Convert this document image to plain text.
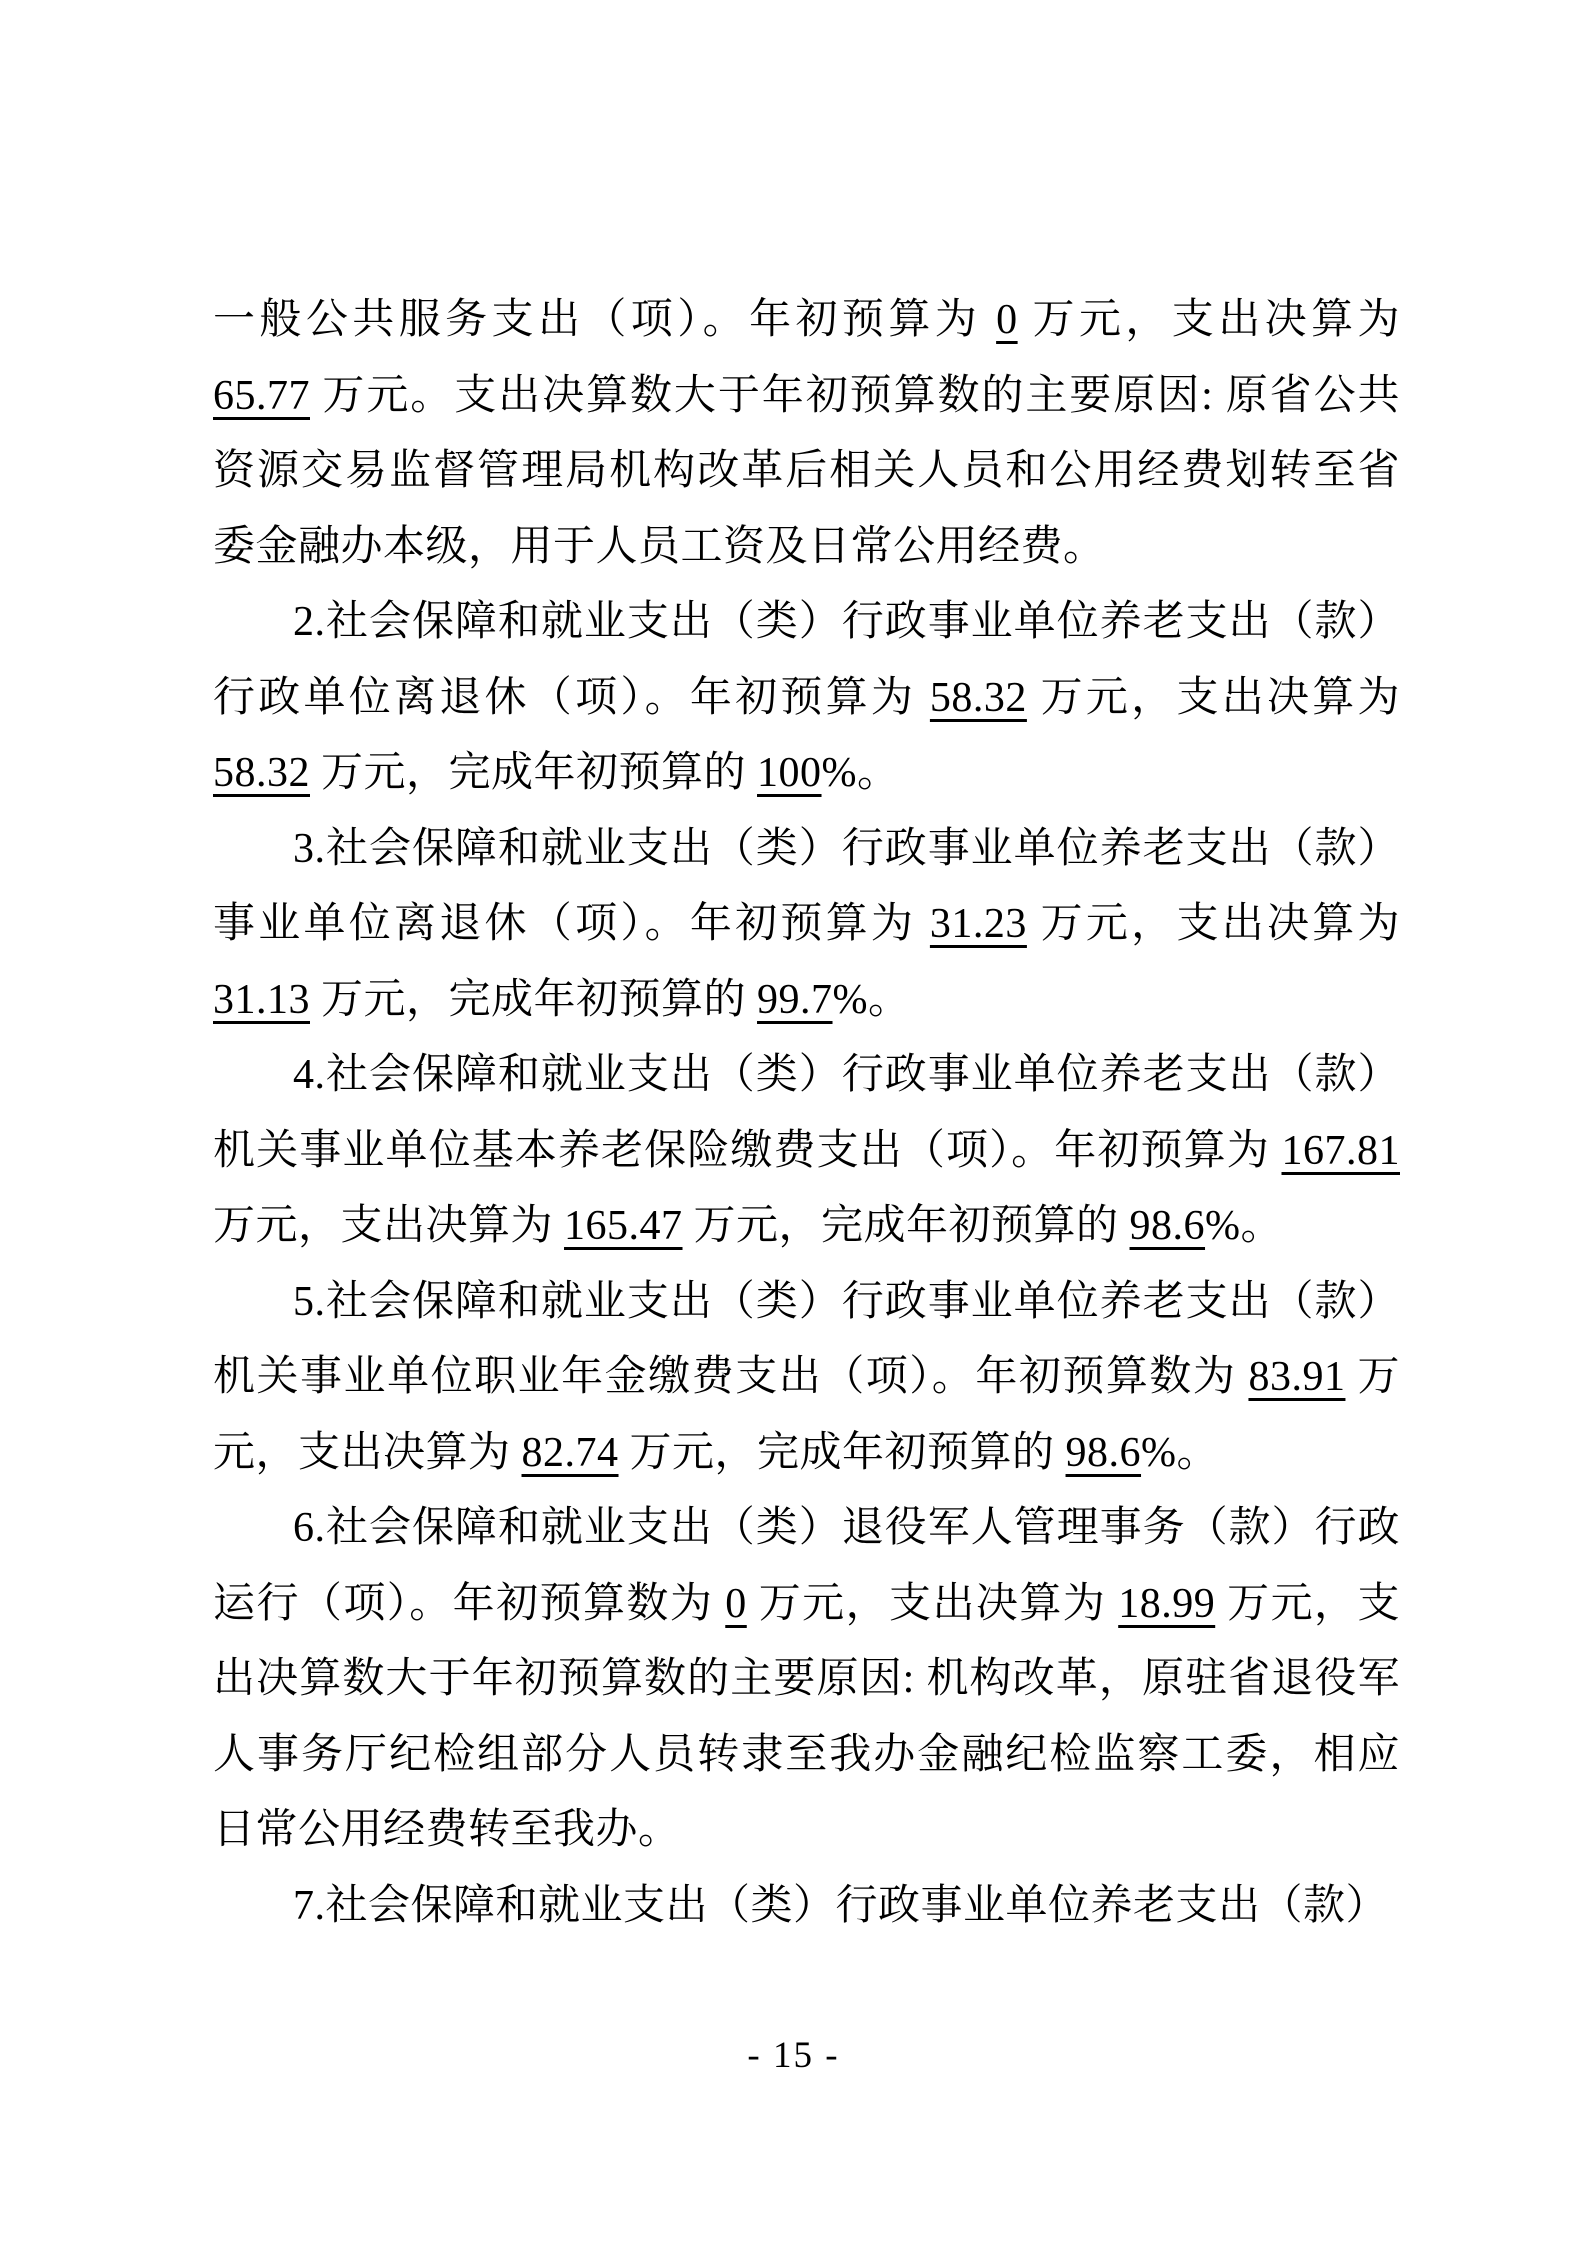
一般公共服务支出（项）。年初预算为 0 万元，支出决算为 65.77 万元。支出决算数大于年初预算数的主要原因: 原省公共资源交易监督管理局机构改革后相关人员和公用经费划转至省委金融办本级，用于人员工资及日常公用经费。

2.社会保障和就业支出（类）行政事业单位养老支出（款）行政单位离退休（项）。年初预算为 58.32 万元，支出决算为 58.32 万元，完成年初预算的 100%。

3.社会保障和就业支出（类）行政事业单位养老支出（款）事业单位离退休（项）。年初预算为 31.23 万元，支出决算为 31.13 万元，完成年初预算的 99.7%。

4.社会保障和就业支出（类）行政事业单位养老支出（款）机关事业单位基本养老保险缴费支出（项）。年初预算为 167.81 万元，支出决算为 165.47 万元，完成年初预算的 98.6%。

5.社会保障和就业支出（类）行政事业单位养老支出（款）机关事业单位职业年金缴费支出（项）。年初预算数为 83.91 万元，支出决算为 82.74 万元，完成年初预算的 98.6%。

6.社会保障和就业支出（类）退役军人管理事务（款）行政运行（项）。年初预算数为 0 万元，支出决算为 18.99 万元，支出决算数大于年初预算数的主要原因: 机构改革，原驻省退役军人事务厅纪检组部分人员转隶至我办金融纪检监察工委，相应日常公用经费转至我办。

7.社会保障和就业支出（类）行政事业单位养老支出（款）

- 15 -
